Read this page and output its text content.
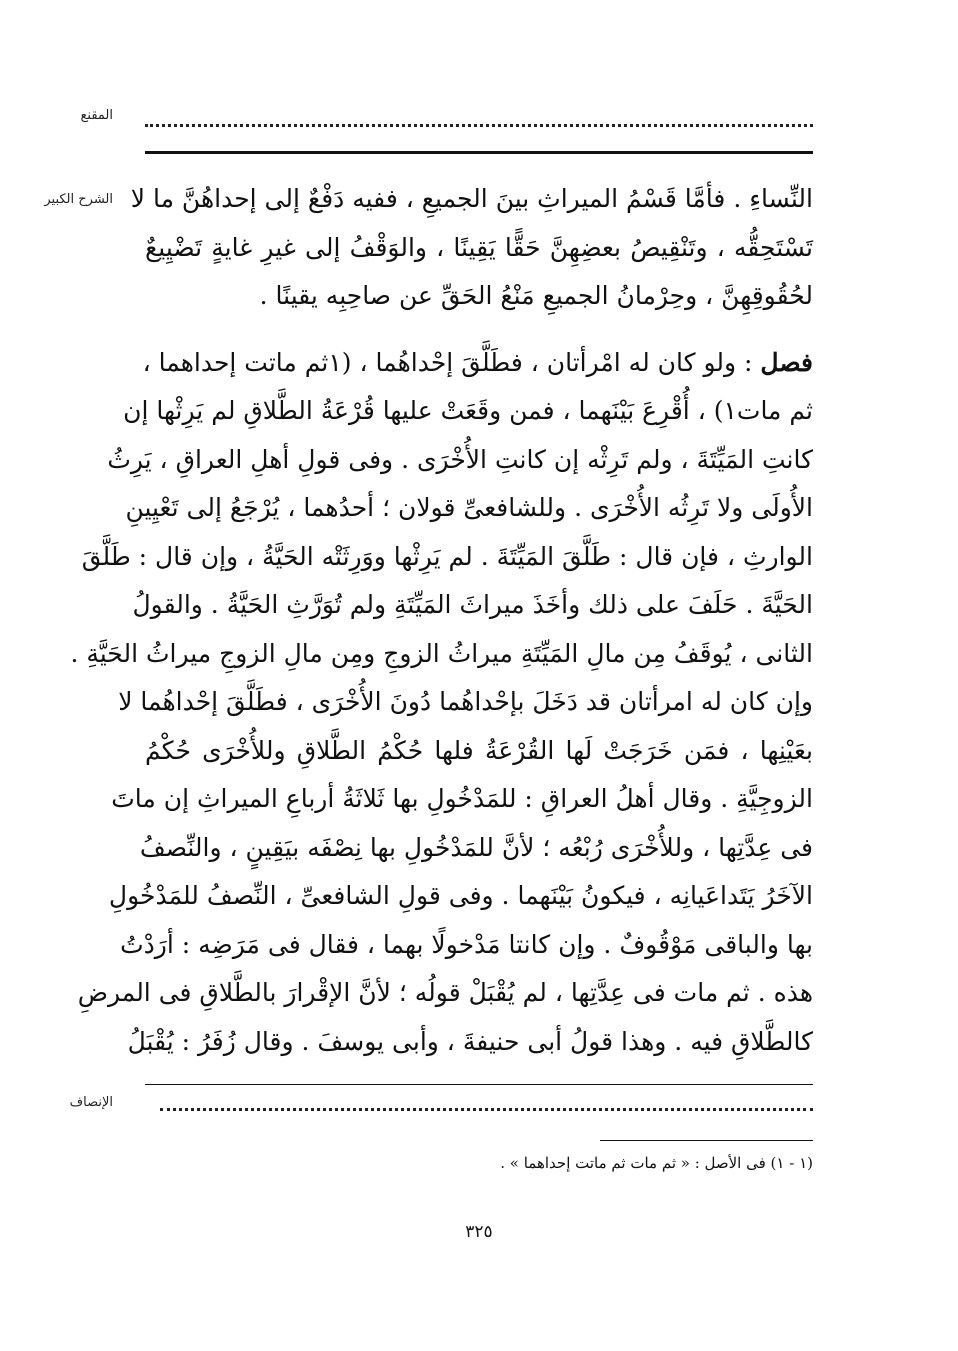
المقنع
الشرح الكبير
الإنصاف
النِّساءِ . فأمَّا قَسْمُ الميراثِ بينَ الجميعِ ، ففيه دَفْعٌ إلى إحداهُنَّ ما لا
تَسْتَحِقُّه ، وتَنْقِيصُ بعضِهِنَّ حَقًّا يَقِينًا ، والوَقْفُ إلى غيرِ غايةٍ تَضْيِيعٌ
لحُقُوقِهِنَّ ، وحِرْمانُ الجميعِ مَنْعُ الحَقِّ عن صاحِبِه يقينًا .
فصل : ولو كان له امْرأتان ، فطَلَّقَ إحْداهُما ، (١ثم ماتت إحداهما ،
ثم مات١) ، أُقْرِعَ بَيْنَهما ، فمن وقَعَتْ عليها قُرْعَةُ الطَّلاقِ لم يَرِثْها إن
كانتِ المَيِّتَةَ ، ولم تَرِثْه إن كانتِ الأُخْرَى . وفى قولِ أهلِ العراقِ ، يَرِثُ
الأُولَى ولا تَرِثُه الأُخْرَى . وللشافعىِّ قولان ؛ أحدُهما ، يُرْجَعُ إلى تَعْيِينِ
الوارثِ ، فإن قال : طَلَّقَ المَيِّتَةَ . لم يَرِثْها ووَرِثَتْه الحَيَّةُ ، وإن قال : طَلَّقَ
الحَيَّةَ . حَلَفَ على ذلك وأخَذَ ميراثَ المَيِّتَةِ ولم تُوَرَّثِ الحَيَّةُ . والقولُ
الثانى ، يُوقَفُ مِن مالِ المَيِّتَةِ ميراثُ الزوجِ ومِن مالِ الزوجِ ميراثُ الحَيَّةِ .
وإن كان له امرأتان قد دَخَلَ بإحْداهُما دُونَ الأُخْرَى ، فطَلَّقَ إحْداهُما لا
بعَيْنِها ، فمَن خَرَجَتْ لَها القُرْعَةُ فلها حُكْمُ الطَّلاقِ وللأُخْرَى حُكْمُ
الزوجِيَّةِ . وقال أهلُ العراقِ : للمَدْخُولِ بها ثَلاثَةُ أرباعِ الميراثِ إن ماتَ
فى عِدَّتِها ، وللأُخْرَى رُبْعُه ؛ لأنَّ للمَدْخُولِ بها نِصْفَه بيَقِينٍ ، والنِّصفُ
الآخَرُ يَتَداعَيانِه ، فيكونُ بَيْنَهما . وفى قولِ الشافعىِّ ، النِّصفُ للمَدْخُولِ
بها والباقى مَوْقُوفٌ . وإن كانتا مَدْخولًا بهما ، فقال فى مَرَضِه : أرَدْتُ
هذه . ثم مات فى عِدَّتِها ، لم يُقْبَلْ قولُه ؛ لأنَّ الإقْرارَ بالطَّلاقِ فى المرضِ
كالطَّلاقِ فيه . وهذا قولُ أبى حنيفةَ ، وأبى يوسفَ . وقال زُفَرُ : يُقْبَلُ
(١ - ١) فى الأصل : « ثم مات ثم ماتت إحداهما » .
٣٢٥
